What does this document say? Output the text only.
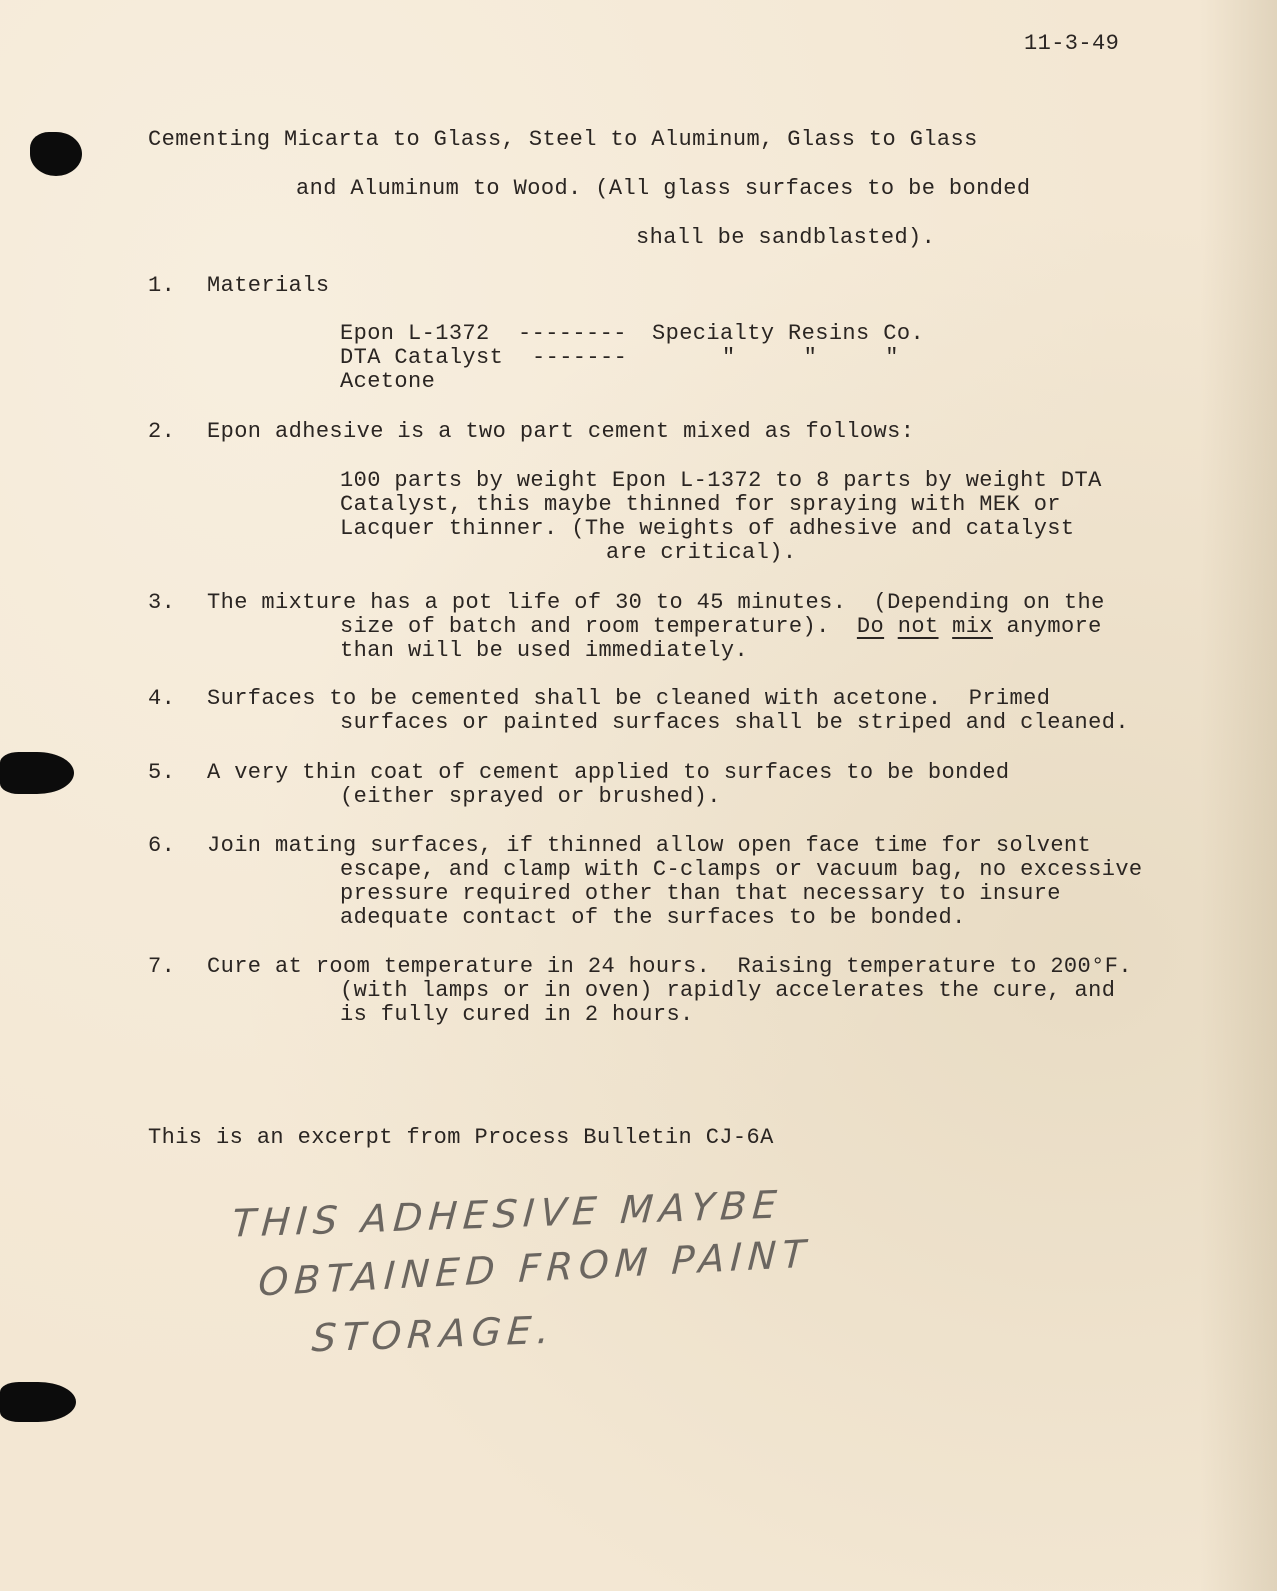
11-3-49
Cementing Micarta to Glass, Steel to Aluminum, Glass to Glass
and Aluminum to Wood. (All glass surfaces to be bonded
shall be sandblasted).
1. Materials
Epon L-1372 -------- Specialty Resins Co.
DTA Catalyst -------	"     "     "
Acetone
2. Epon adhesive is a two part cement mixed as follows:
100 parts by weight Epon L-1372 to 8 parts by weight DTA
Catalyst, this maybe thinned for spraying with MEK or
Lacquer thinner. (The weights of adhesive and catalyst
are critical).
3. The mixture has a pot life of 30 to 45 minutes.  (Depending on the
size of batch and room temperature).  Do not mix anymore
than will be used immediately.
4. Surfaces to be cemented shall be cleaned with acetone.  Primed
surfaces or painted surfaces shall be striped and cleaned.
5. A very thin coat of cement applied to surfaces to be bonded
(either sprayed or brushed).
6. Join mating surfaces, if thinned allow open face time for solvent
escape, and clamp with C-clamps or vacuum bag, no excessive
pressure required other than that necessary to insure
adequate contact of the surfaces to be bonded.
7. Cure at room temperature in 24 hours.  Raising temperature to 200°F.
(with lamps or in oven) rapidly accelerates the cure, and
is fully cured in 2 hours.
This is an excerpt from Process Bulletin CJ-6A
THIS ADHESIVE MAYBE
OBTAINED FROM PAINT
STORAGE.
